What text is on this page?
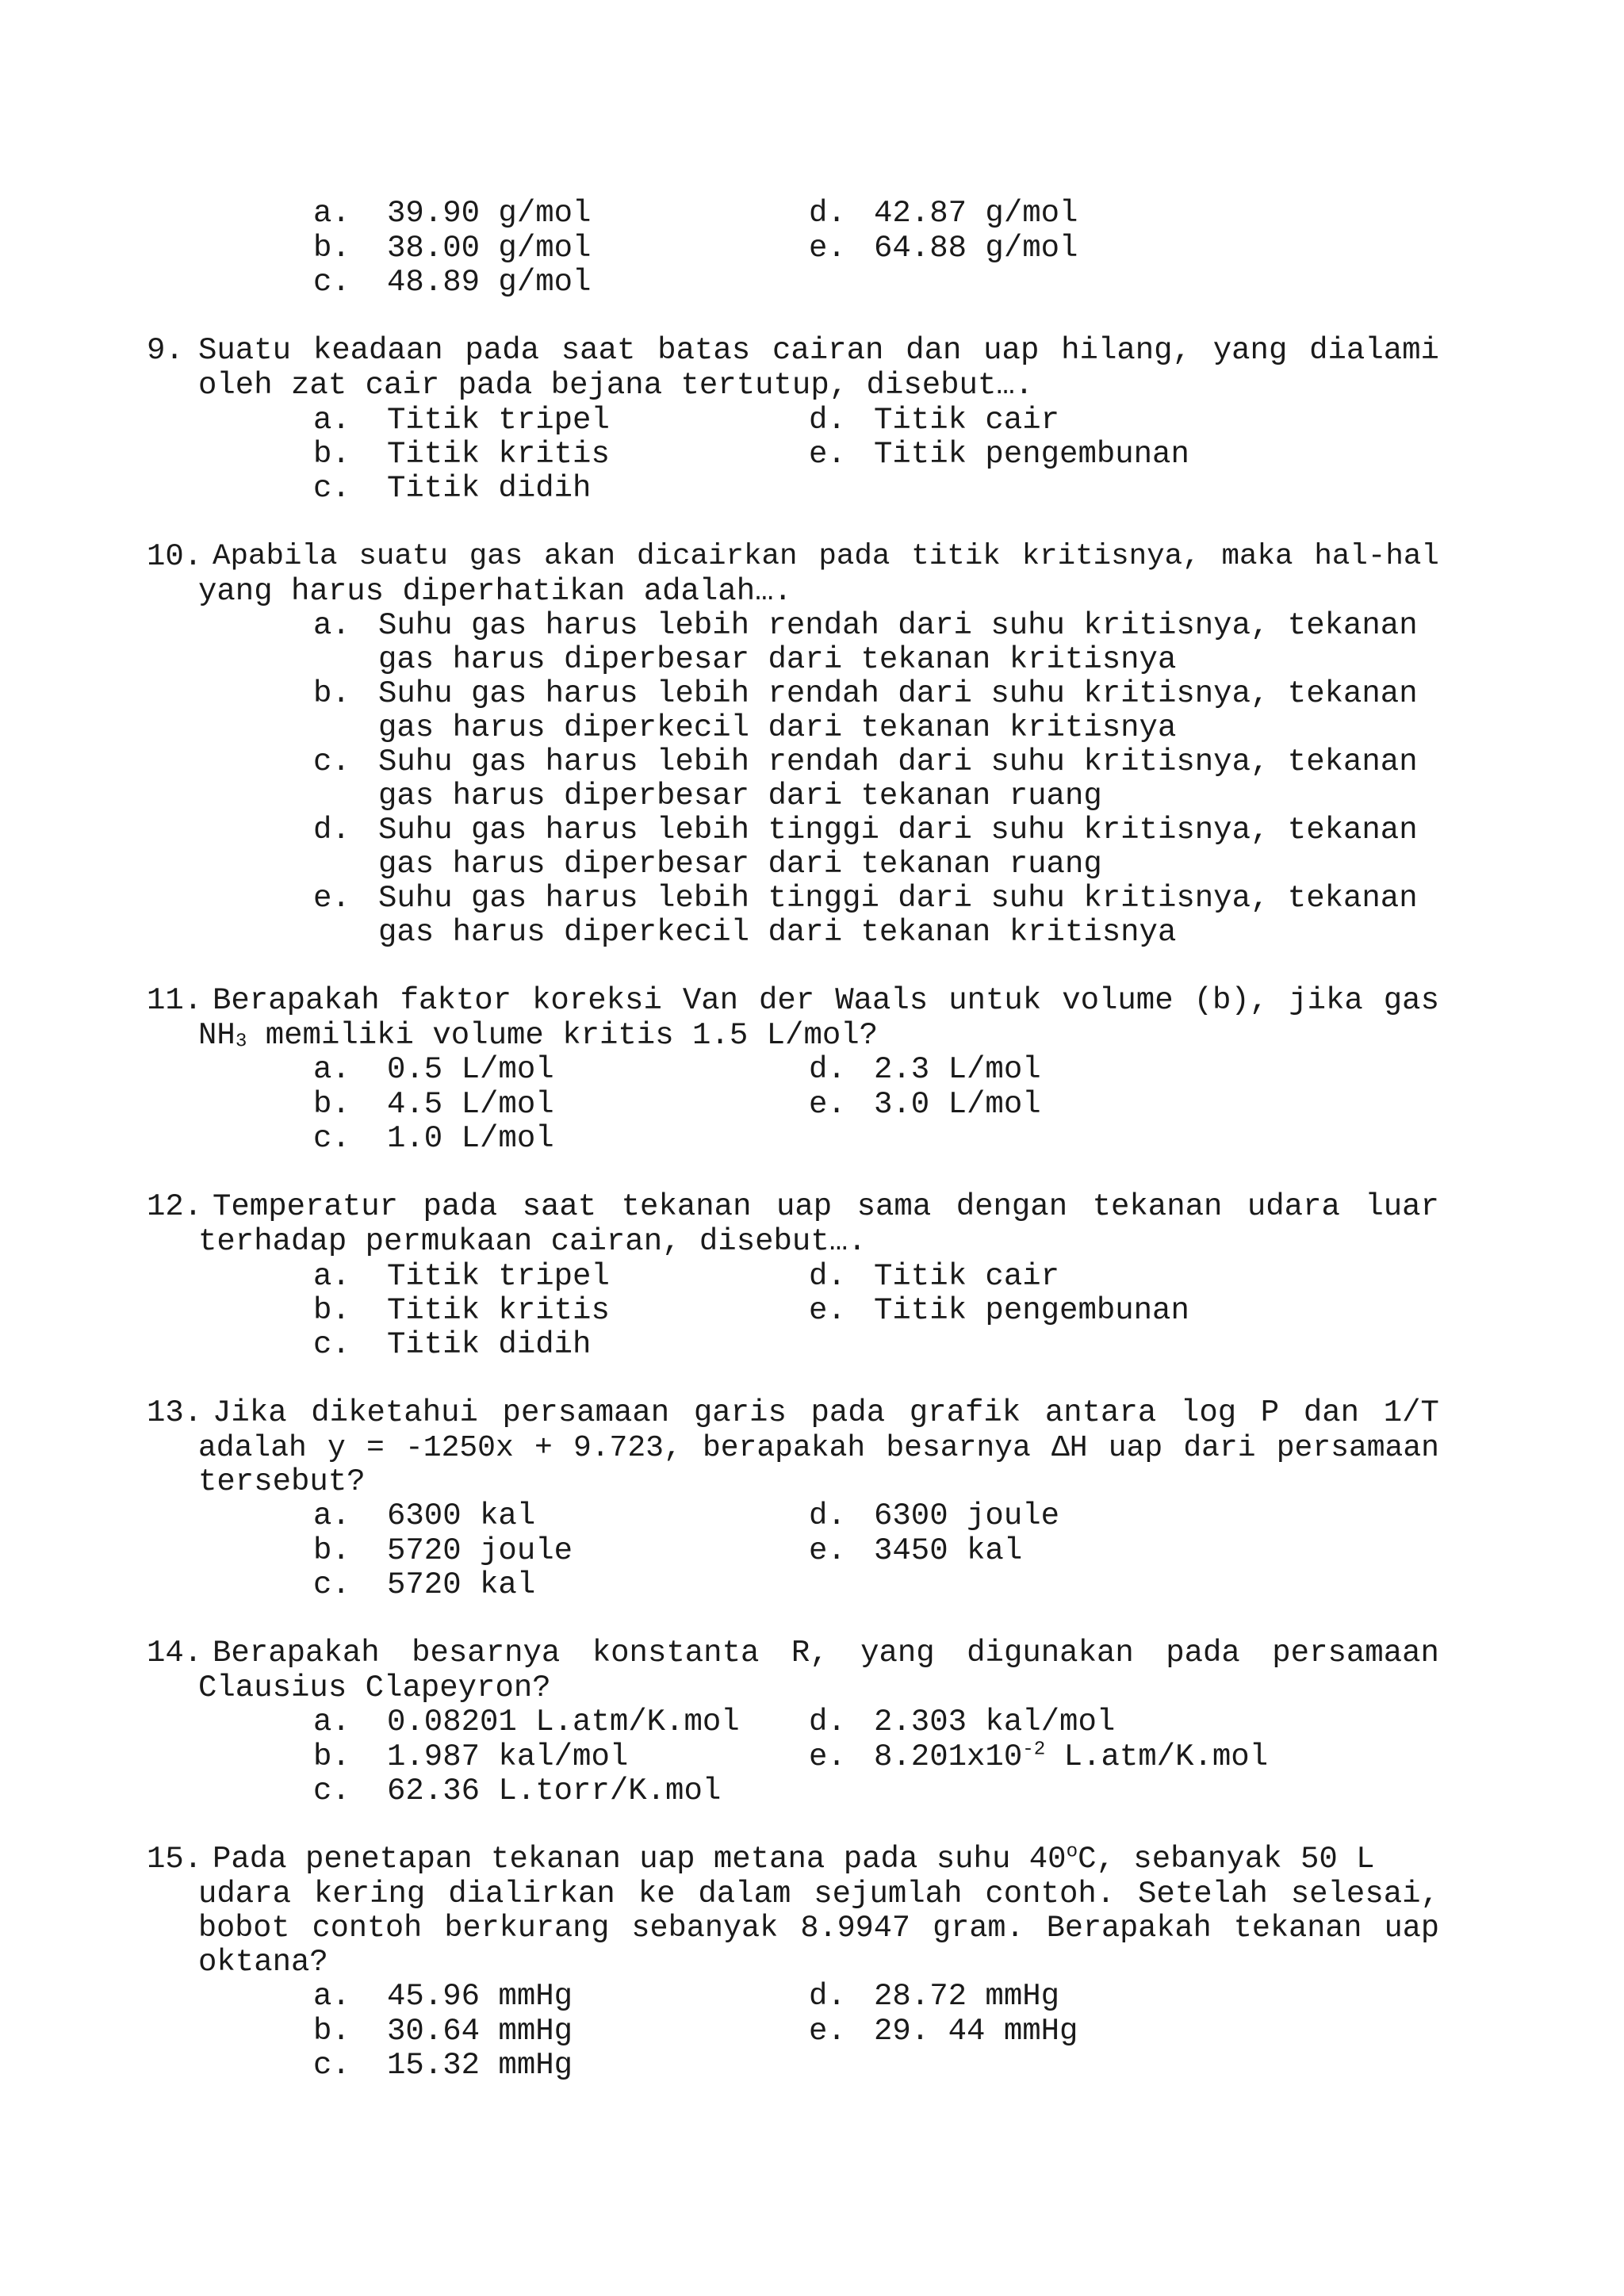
a. 39.90 g/mol	d. 42.87 g/mol
b. 38.00 g/mol	e. 64.88 g/mol
c. 48.89 g/mol
9. Suatu keadaan pada saat batas cairan dan uap hilang, yang dialami
oleh zat cair pada bejana tertutup, disebut….
a. Titik tripel	d. Titik cair
b. Titik kritis	e. Titik pengembunan
c. Titik didih
10. Apabila suatu gas akan dicairkan pada titik kritisnya, maka hal-hal
yang harus diperhatikan adalah….
a. Suhu gas harus lebih rendah dari suhu kritisnya, tekanan
gas harus diperbesar dari tekanan kritisnya
b. Suhu gas harus lebih rendah dari suhu kritisnya, tekanan
gas harus diperkecil dari tekanan kritisnya
c. Suhu gas harus lebih rendah dari suhu kritisnya, tekanan
gas harus diperbesar dari tekanan ruang
d. Suhu gas harus lebih tinggi dari suhu kritisnya, tekanan
gas harus diperbesar dari tekanan ruang
e. Suhu gas harus lebih tinggi dari suhu kritisnya, tekanan
gas harus diperkecil dari tekanan kritisnya
11. Berapakah faktor koreksi Van der Waals untuk volume (b), jika gas
$NH_3$ memiliki volume kritis 1.5 L/mol?
a. 0.5 L/mol	d. 2.3 L/mol
b. 4.5 L/mol	e. 3.0 L/mol
c. 1.0 L/mol
12. Temperatur pada saat tekanan uap sama dengan tekanan udara luar
terhadap permukaan cairan, disebut….
a. Titik tripel	d. Titik cair
b. Titik kritis	e. Titik pengembunan
c. Titik didih
13. Jika diketahui persamaan garis pada grafik antara log P dan 1/T
adalah y = -1250x + 9.723, berapakah besarnya ΔH uap dari persamaan
tersebut?
a. 6300 kal	d. 6300 joule
b. 5720 joule	e. 3450 kal
c. 5720 kal
14. Berapakah besarnya konstanta R, yang digunakan pada persamaan
Clausius Clapeyron?
a. 0.08201 L.atm/K.mol d. 2.303 kal/mol
b. 1.987 kal/mol	e. $8.201x10^{-2}$ L.atm/K.mol
c. 62.36 L.torr/K.mol
15. Pada penetapan tekanan uap metana pada suhu 40$^o$C, sebanyak 50 L
udara kering dialirkan ke dalam sejumlah contoh. Setelah selesai,
bobot contoh berkurang sebanyak 8.9947 gram. Berapakah tekanan uap
oktana?
a. 45.96 mmHg	d. 28.72 mmHg
b. 30.64 mmHg	e. 29. 44 mmHg
c. 15.32 mmHg
